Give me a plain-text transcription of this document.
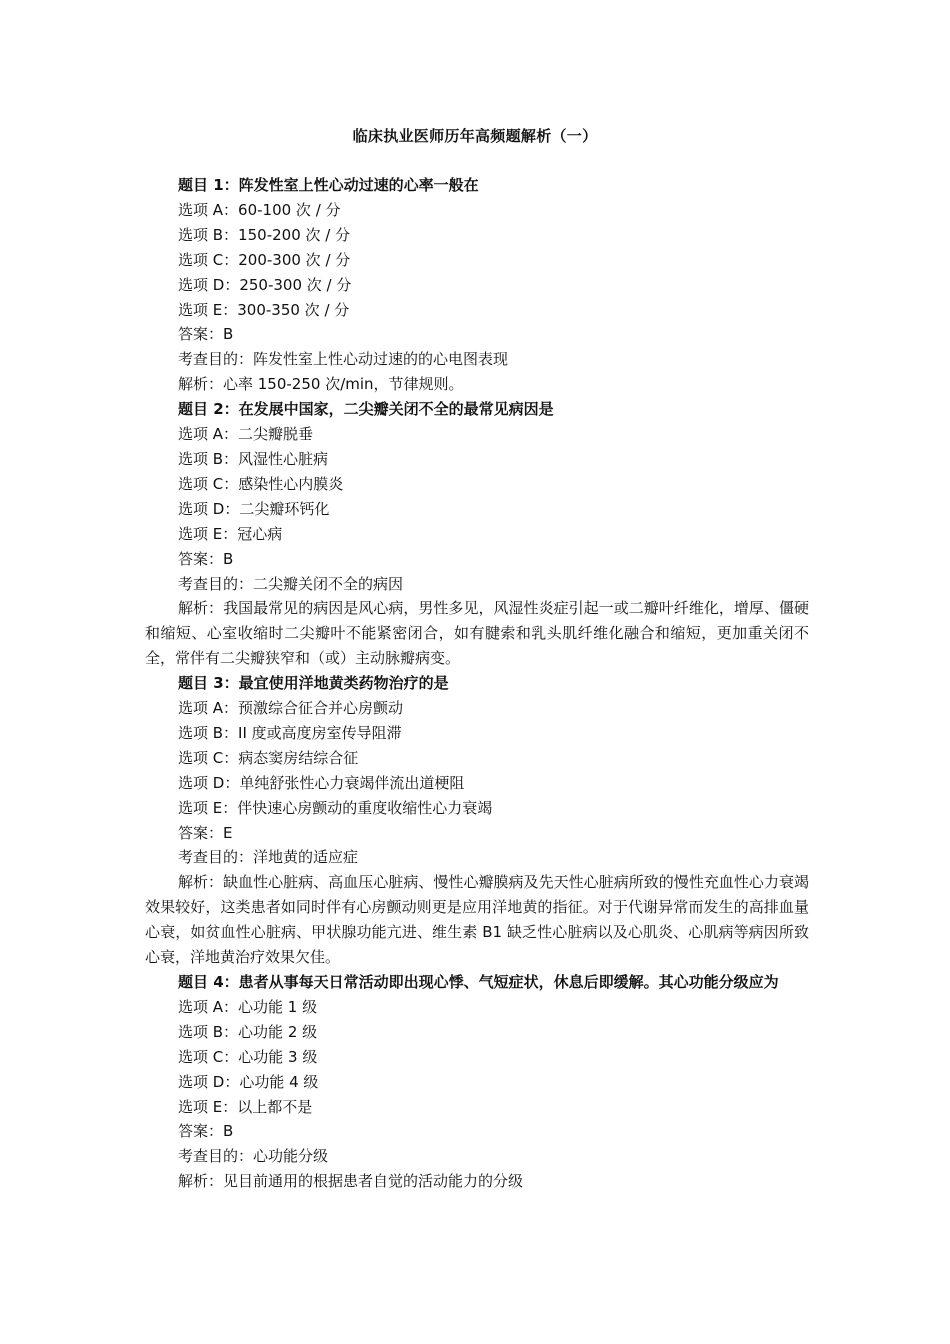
临床执业医师历年高频题解析（一）
题目 1：阵发性室上性心动过速的心率一般在
选项 A：60-100 次 / 分
选项 B：150-200 次 / 分
选项 C：200-300 次 / 分
选项 D：250-300 次 / 分
选项 E：300-350 次 / 分
答案：B
考查目的：阵发性室上性心动过速的的心电图表现
解析：心率 150-250 次/min，节律规则。
题目 2：在发展中国家，二尖瓣关闭不全的最常见病因是
选项 A：二尖瓣脱垂
选项 B：风湿性心脏病
选项 C：感染性心内膜炎
选项 D：二尖瓣环钙化
选项 E：冠心病
答案：B
考查目的：二尖瓣关闭不全的病因
解析：我国最常见的病因是风心病，男性多见，风湿性炎症引起一或二瓣叶纤维化，增厚、僵硬和缩短、心室收缩时二尖瓣叶不能紧密闭合，如有腱索和乳头肌纤维化融合和缩短，更加重关闭不全，常伴有二尖瓣狭窄和（或）主动脉瓣病变。
题目 3：最宜使用洋地黄类药物治疗的是
选项 A：预激综合征合并心房颤动
选项 B：II 度或高度房室传导阻滞
选项 C：病态窦房结综合征
选项 D：单纯舒张性心力衰竭伴流出道梗阻
选项 E：伴快速心房颤动的重度收缩性心力衰竭
答案：E
考查目的：洋地黄的适应症
解析：缺血性心脏病、高血压心脏病、慢性心瓣膜病及先天性心脏病所致的慢性充血性心力衰竭效果较好，这类患者如同时伴有心房颤动则更是应用洋地黄的指征。对于代谢异常而发生的高排血量心衰，如贫血性心脏病、甲状腺功能亢进、维生素 B1 缺乏性心脏病以及心肌炎、心肌病等病因所致心衰，洋地黄治疗效果欠佳。
题目 4：患者从事每天日常活动即出现心悸、气短症状，休息后即缓解。其心功能分级应为
选项 A：心功能 1 级
选项 B：心功能 2 级
选项 C：心功能 3 级
选项 D：心功能 4 级
选项 E：以上都不是
答案：B
考查目的：心功能分级
解析：见目前通用的根据患者自觉的活动能力的分级
